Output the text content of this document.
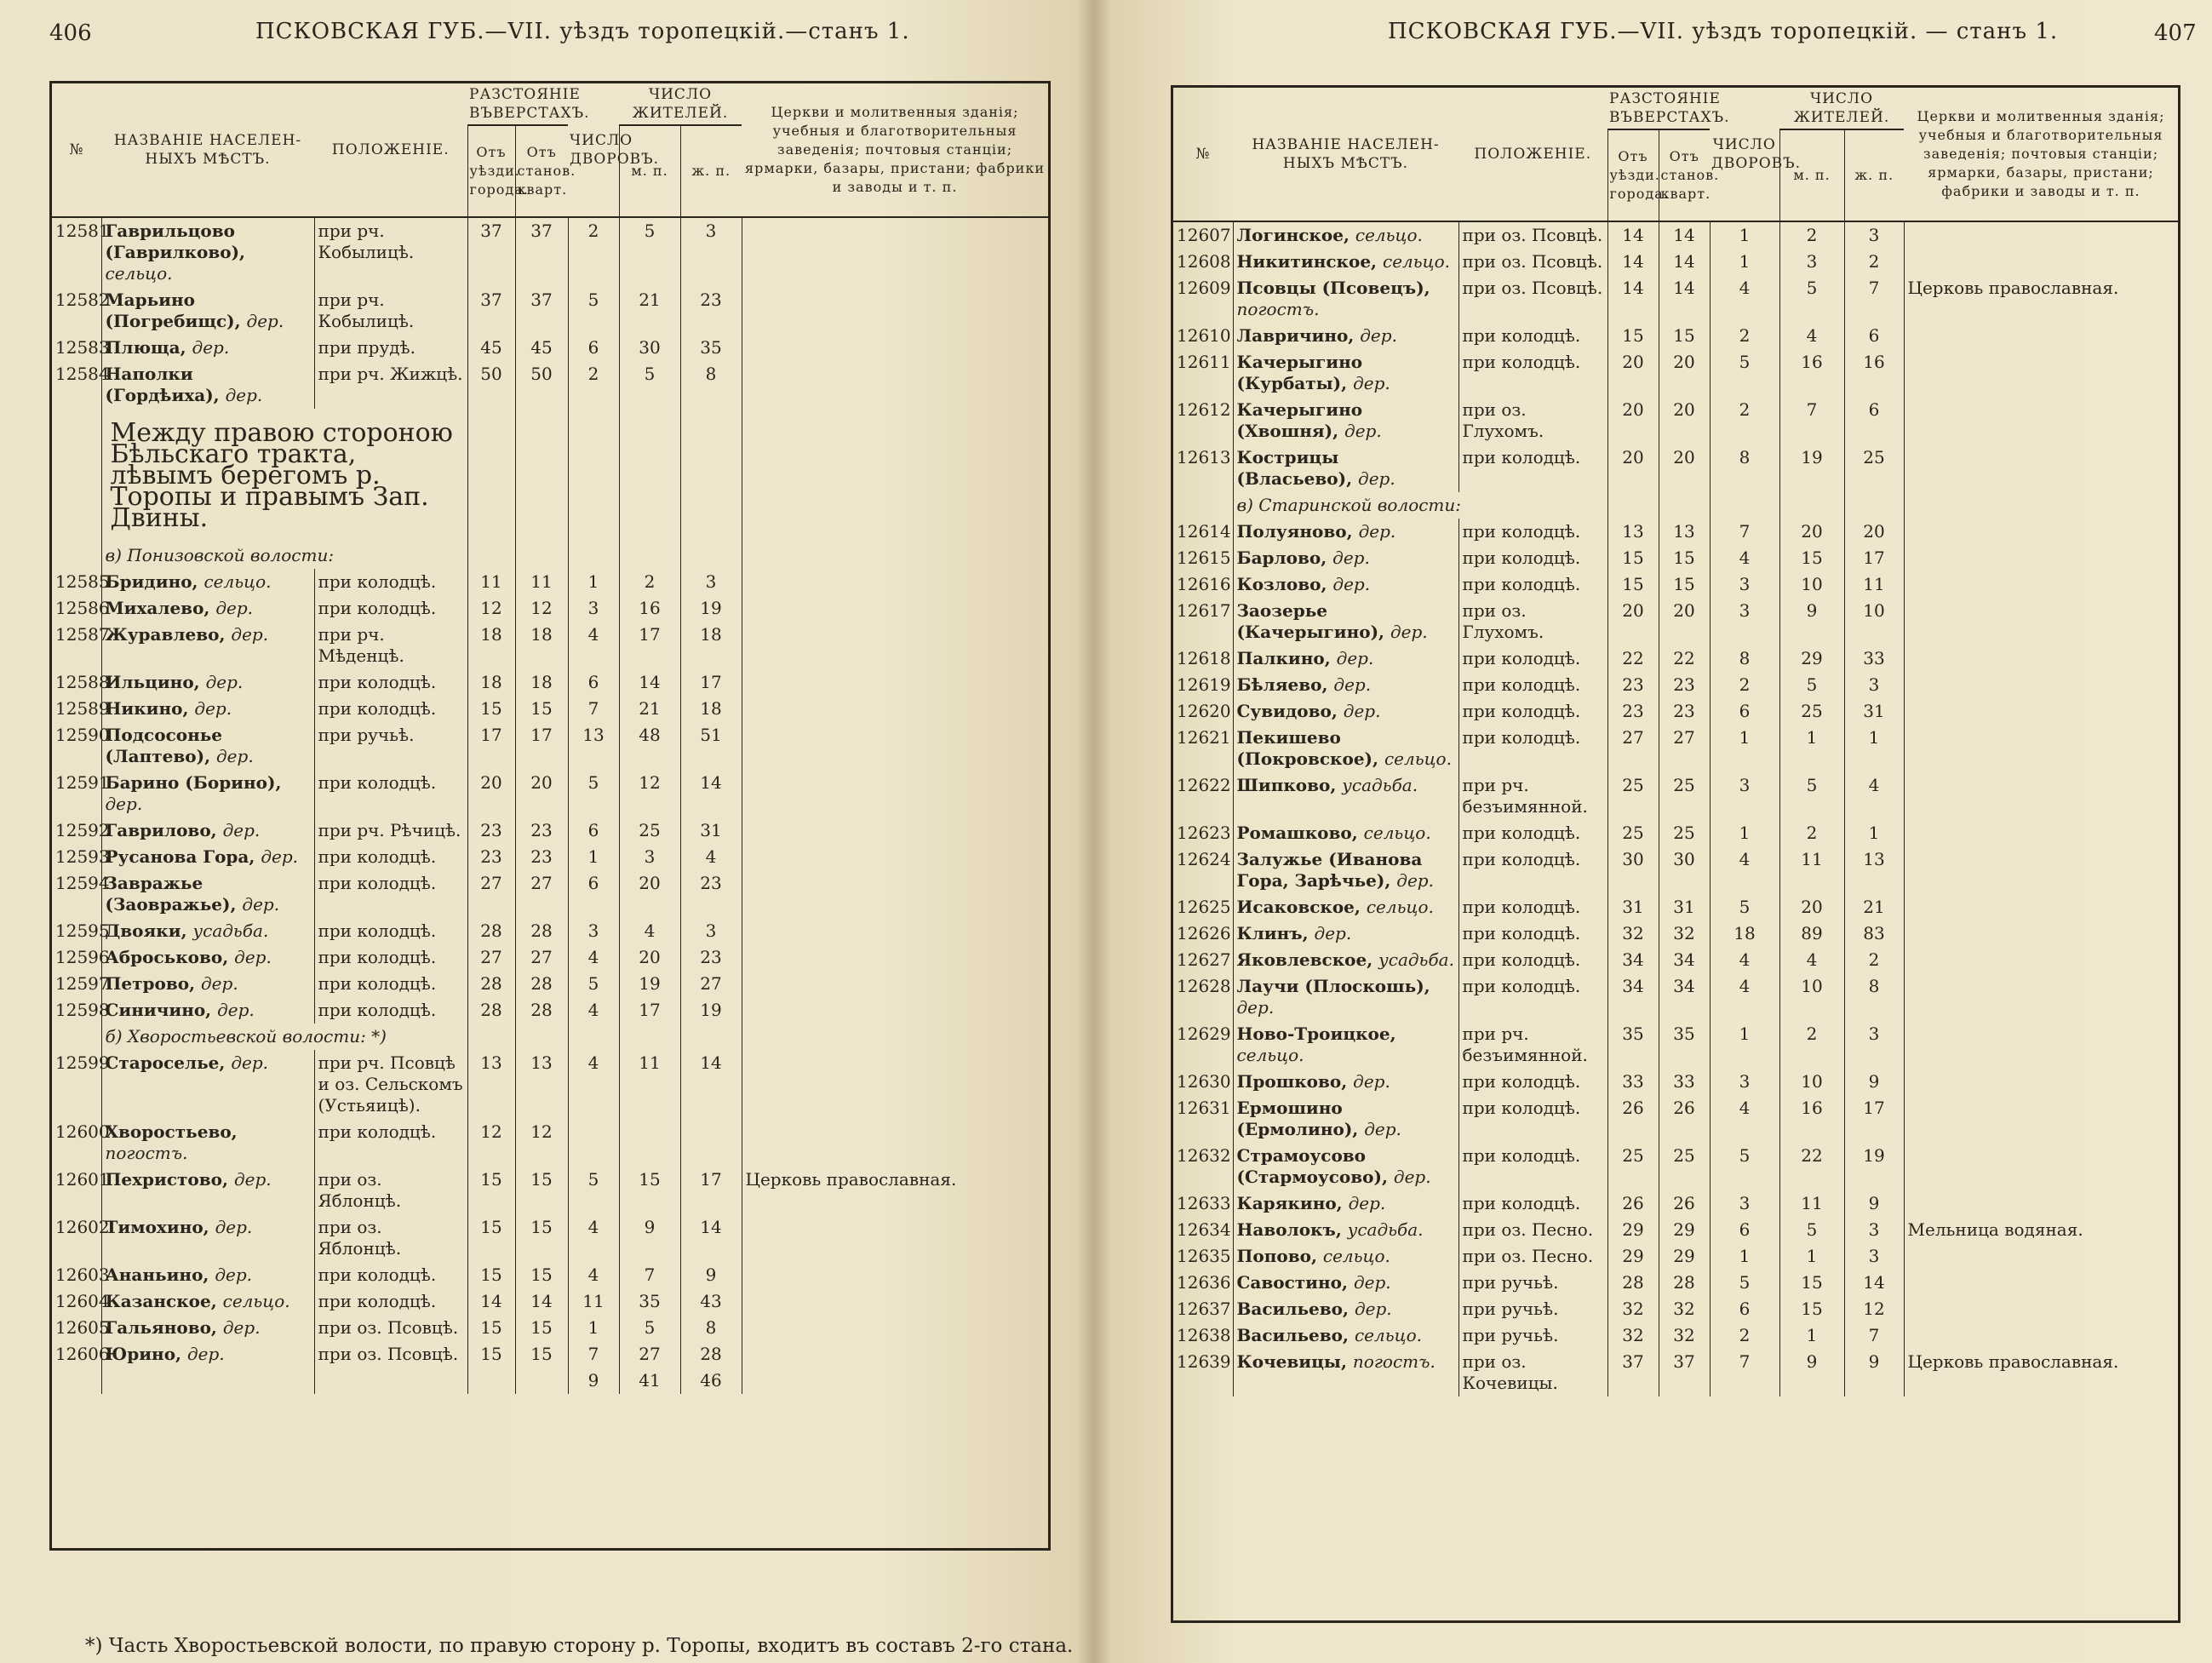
406	ПСКОВСКАЯ ГУБ.—VII. уѣздъ торопецкій.—станъ 1.
№	НАЗВАНІЕ НАСЕЛЕН-НЫХЪ МѢСТЪ.	ПОЛОЖЕНІЕ.	РАЗСТОЯНІЕ ВЪВЕРСТАХЪ.		ЧИСЛО ДВОРОВЪ.	ЧИСЛО ЖИТЕЛЕЙ.		Церкви и молитвенныя зданія; учебныя и благотворительныя заведенія; почтовыя станціи; ярмарки, базары, пристани; фабрики и заводы и т. п.
			Отъ уѣзди. города.	Отъ станов. кварт.		м. п.	ж. п.	
12581	Гаврильцово (Гаврилково), сельцо.	при рч. Кобылицѣ.	37	37	2	5	3	
12582	Марьино (Погребищс), дер.	при рч. Кобылицѣ.	37	37	5	21	23	
12583	Плюща, дер.	при прудѣ.	45	45	6	30	35	
12584	Наполки (Гордѣиха), дер.	при рч. Жижцѣ.	50	50	2	5	8	
	Между правою стороною Бѣльскаго тракта, лѣвымъ берегомъ р. Торопы и правымъ Зап. Двины.							
	в) Понизовской волости:							
12585	Бридино, сельцо.	при колодцѣ.	11	11	1	2	3	
12586	Михалево, дер.	при колодцѣ.	12	12	3	16	19	
12587	Журавлево, дер.	при рч. Мѣденцѣ.	18	18	4	17	18	
12588	Ильцино, дер.	при колодцѣ.	18	18	6	14	17	
12589	Никино, дер.	при колодцѣ.	15	15	7	21	18	
12590	Подсосонье (Лаптево), дер.	при ручьѣ.	17	17	13	48	51	
12591	Барино (Борино), дер.	при колодцѣ.	20	20	5	12	14	
12592	Гаврилово, дер.	при рч. Рѣчицѣ.	23	23	6	25	31	
12593	Русанова Гора, дер.	при колодцѣ.	23	23	1	3	4	
12594	Завражье (Заовражье), дер.	при колодцѣ.	27	27	6	20	23	
12595	Двояки, усадьба.	при колодцѣ.	28	28	3	4	3	
12596	Аброськово, дер.	при колодцѣ.	27	27	4	20	23	
12597	Петрово, дер.	при колодцѣ.	28	28	5	19	27	
12598	Синичино, дер.	при колодцѣ.	28	28	4	17	19	
	б) Хворостьевской волости: *)							
12599	Староселье, дер.	при рч. Псовцѣ и оз. Сельскомъ (Устьяицѣ).	13	13	4	11	14	
12600	Хворостьево, погостъ.	при колодцѣ.	12	12				
12601	Пехристово, дер.	при оз. Яблонцѣ.	15	15	5	15	17	Церковь православная.
12602	Тимохино, дер.	при оз. Яблонцѣ.	15	15	4	9	14	
12603	Ананьино, дер.	при колодцѣ.	15	15	4	7	9	
12604	Казанское, сельцо.	при колодцѣ.	14	14	11	35	43	
12605	Гальяново, дер.	при оз. Псовцѣ.	15	15	1	5	8	
12606	Юрино, дер.	при оз. Псовцѣ.	15	15	7	27	28	
					9	41	46	
*) Часть Хворостьевской волости, по правую сторону р. Торопы, входитъ въ составъ 2-го стана.
ПСКОВСКАЯ ГУБ.—VII. уѣздъ торопецкій. — станъ 1.	407
№	НАЗВАНІЕ НАСЕЛЕН-НЫХЪ МѢСТЪ.	ПОЛОЖЕНІЕ.	РАЗСТОЯНІЕ ВЪВЕРСТАХЪ.		ЧИСЛО ДВОРОВЪ.	ЧИСЛО ЖИТЕЛЕЙ.		Церкви и молитвенныя зданія; учебныя и благотворительныя заведенія; почтовыя станціи; ярмарки, базары, пристани; фабрики и заводы и т. п.
			Отъ уѣзди. города.	Отъ станов. кварт.		м. п.	ж. п.	
12607	Логинское, сельцо.	при оз. Псовцѣ.	14	14	1	2	3	
12608	Никитинское, сельцо.	при оз. Псовцѣ.	14	14	1	3	2	
12609	Псовцы (Псовецъ), погостъ.	при оз. Псовцѣ.	14	14	4	5	7	Церковь православная.
12610	Лавричино, дер.	при колодцѣ.	15	15	2	4	6	
12611	Качерыгино (Курбаты), дер.	при колодцѣ.	20	20	5	16	16	
12612	Качерыгино (Хвошня), дер.	при оз. Глухомъ.	20	20	2	7	6	
12613	Кострицы (Власьево), дер.	при колодцѣ.	20	20	8	19	25	
	в) Старинской волости:							
12614	Полуяново, дер.	при колодцѣ.	13	13	7	20	20	
12615	Барлово, дер.	при колодцѣ.	15	15	4	15	17	
12616	Козлово, дер.	при колодцѣ.	15	15	3	10	11	
12617	Заозерье (Качерыгино), дер.	при оз. Глухомъ.	20	20	3	9	10	
12618	Палкино, дер.	при колодцѣ.	22	22	8	29	33	
12619	Бѣляево, дер.	при колодцѣ.	23	23	2	5	3	
12620	Сувидово, дер.	при колодцѣ.	23	23	6	25	31	
12621	Пекишево (Покровское), сельцо.	при колодцѣ.	27	27	1	1	1	
12622	Шипково, усадьба.	при рч. безъимянной.	25	25	3	5	4	
12623	Ромашково, сельцо.	при колодцѣ.	25	25	1	2	1	
12624	Залужье (Иванова Гора, Зарѣчье), дер.	при колодцѣ.	30	30	4	11	13	
12625	Исаковское, сельцо.	при колодцѣ.	31	31	5	20	21	
12626	Клинъ, дер.	при колодцѣ.	32	32	18	89	83	
12627	Яковлевское, усадьба.	при колодцѣ.	34	34	4	4	2	
12628	Лаучи (Плоскошь), дер.	при колодцѣ.	34	34	4	10	8	
12629	Ново-Троицкое, сельцо.	при рч. безъимянной.	35	35	1	2	3	
12630	Прошково, дер.	при колодцѣ.	33	33	3	10	9	
12631	Ермошино (Ермолино), дер.	при колодцѣ.	26	26	4	16	17	
12632	Страмоусово (Стармоусово), дер.	при колодцѣ.	25	25	5	22	19	
12633	Карякино, дер.	при колодцѣ.	26	26	3	11	9	
12634	Наволокъ, усадьба.	при оз. Песно.	29	29	6	5	3	Мельница водяная.
12635	Попово, сельцо.	при оз. Песно.	29	29	1	1	3	
12636	Савостино, дер.	при ручьѣ.	28	28	5	15	14	
12637	Васильево, дер.	при ручьѣ.	32	32	6	15	12	
12638	Васильево, сельцо.	при ручьѣ.	32	32	2	1	7	
12639	Кочевицы, погостъ.	при оз. Кочевицы.	37	37	7	9	9	Церковь православная.
